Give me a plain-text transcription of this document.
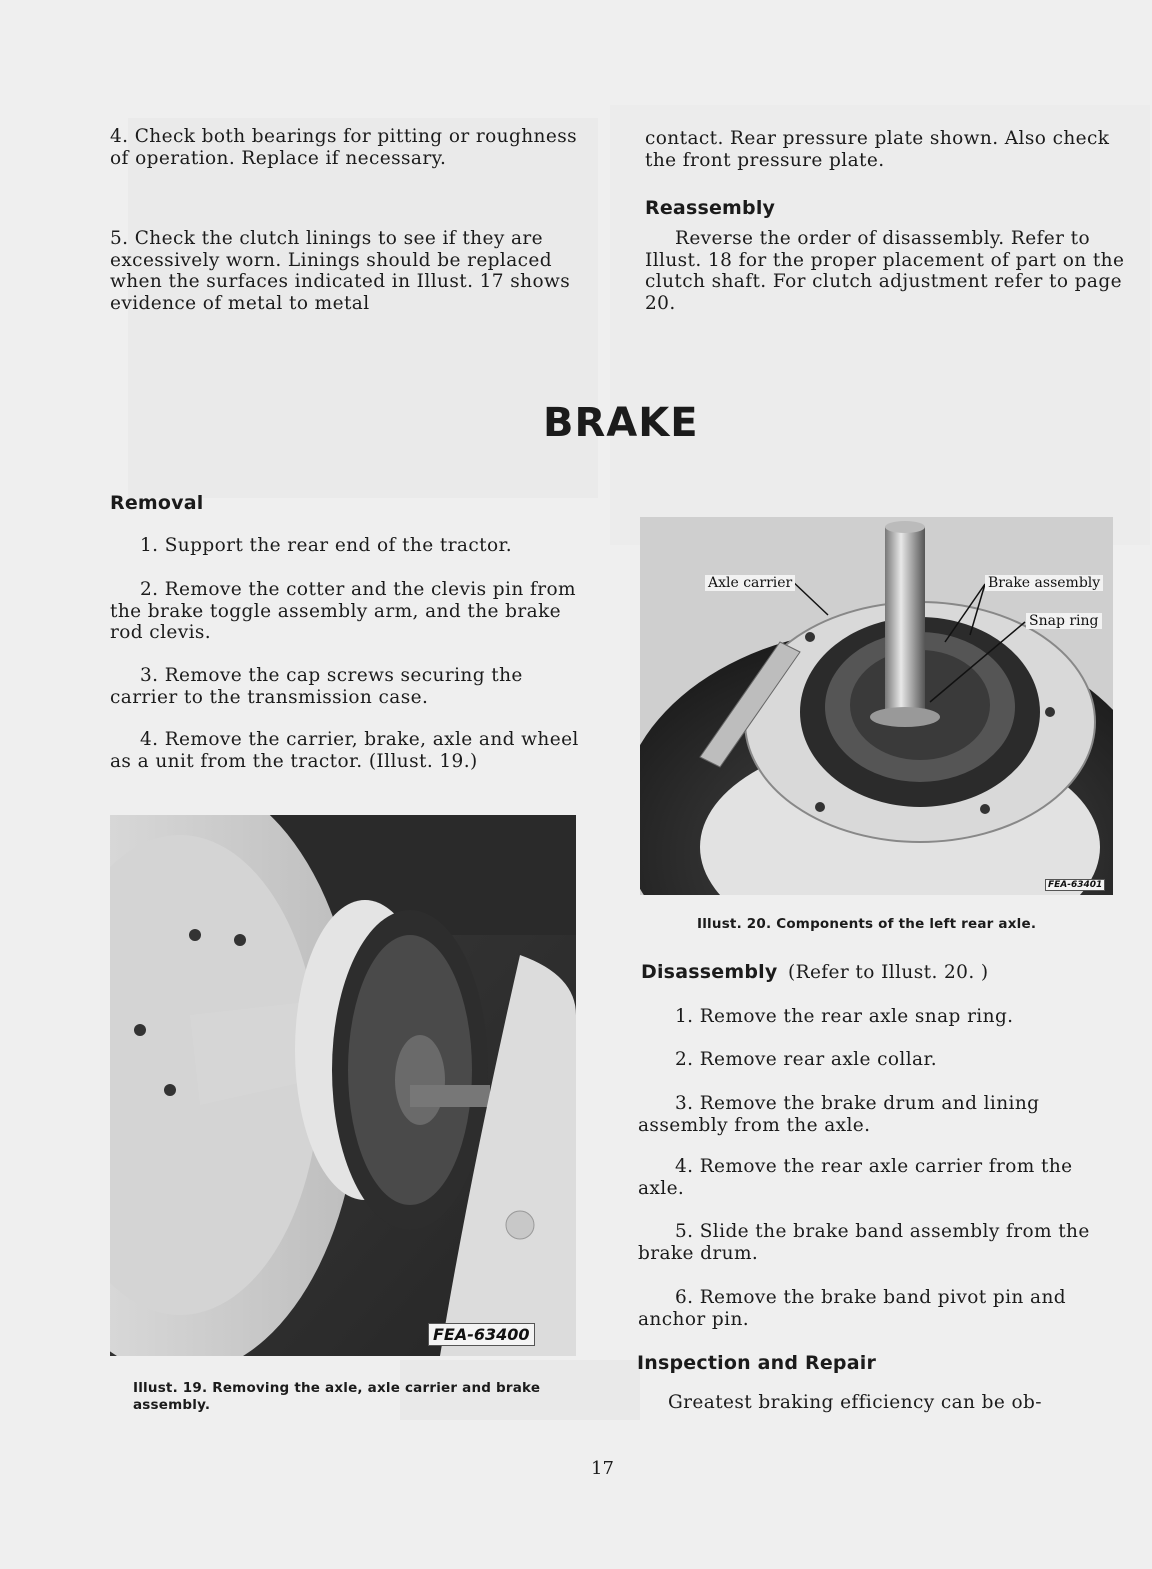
4. Check both bearings for pitting or roughness of operation. Replace if necessary.

5. Check the clutch linings to see if they are excessively worn. Linings should be replaced when the surfaces indicated in Illust. 17 shows evidence of metal to metal

contact. Rear pressure plate shown. Also check the front pressure plate.

Reassembly

Reverse the order of disassembly. Refer to Illust. 18 for the proper placement of part on the clutch shaft. For clutch adjustment refer to page 20.

BRAKE

Removal

1. Support the rear end of the tractor.

2. Remove the cotter and the clevis pin from the brake toggle assembly arm, and the brake rod clevis.

3. Remove the cap screws securing the carrier to the transmission case.

4. Remove the carrier, brake, axle and wheel as a unit from the tractor. (Illust. 19.)

FEA-63400
Illust. 19. Removing the axle, axle carrier and brake assembly.
Axle carrier	Brake assembly
Snap ring
FEA-63401
Illust. 20. Components of the left rear axle.

Disassembly (Refer to Illust. 20. )

1. Remove the rear axle snap ring.

2. Remove rear axle collar.

3. Remove the brake drum and lining assembly from the axle.

4. Remove the rear axle carrier from the axle.

5. Slide the brake band assembly from the brake drum.

6. Remove the brake band pivot pin and anchor pin.

Inspection and Repair

Greatest braking efficiency can be ob-

17
